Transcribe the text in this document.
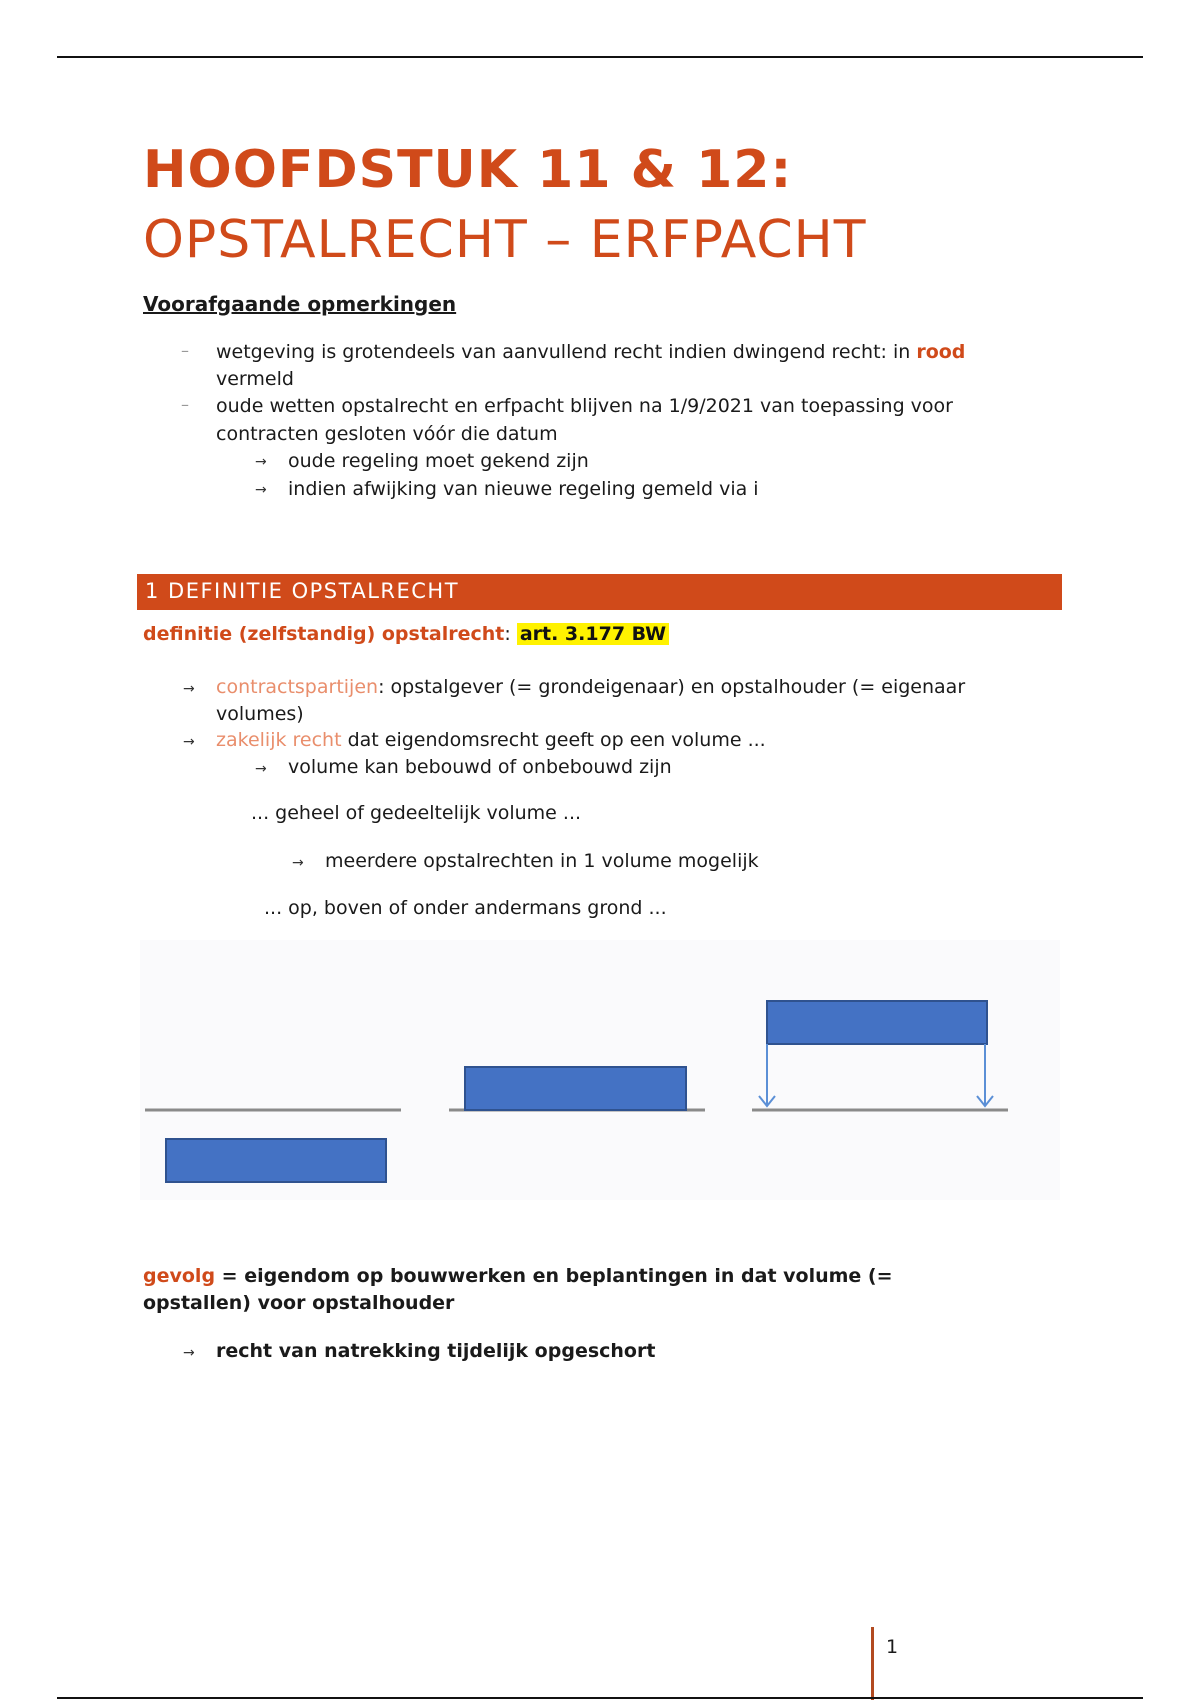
HOOFDSTUK 11 & 12:
OPSTALRECHT – ERFPACHT
Voorafgaande opmerkingen
– wetgeving is grotendeels van aanvullend recht indien dwingend recht: in rood
vermeld
– oude wetten opstalrecht en erfpacht blijven na 1/9/2021 van toepassing voor
contracten gesloten vóór die datum
→ oude regeling moet gekend zijn
→ indien afwijking van nieuwe regeling gemeld via i
1 DEFINITIE OPSTALRECHT
definitie (zelfstandig) opstalrecht: art. 3.177 BW
→ contractspartijen: opstalgever (= grondeigenaar) en opstalhouder (= eigenaar
volumes)
→ zakelijk recht dat eigendomsrecht geeft op een volume ...
→ volume kan bebouwd of onbebouwd zijn
... geheel of gedeeltelijk volume ...
→ meerdere opstalrechten in 1 volume mogelijk
... op, boven of onder andermans grond ...
gevolg = eigendom op bouwwerken en beplantingen in dat volume (=
opstallen) voor opstalhouder
→ recht van natrekking tijdelijk opgeschort
1
